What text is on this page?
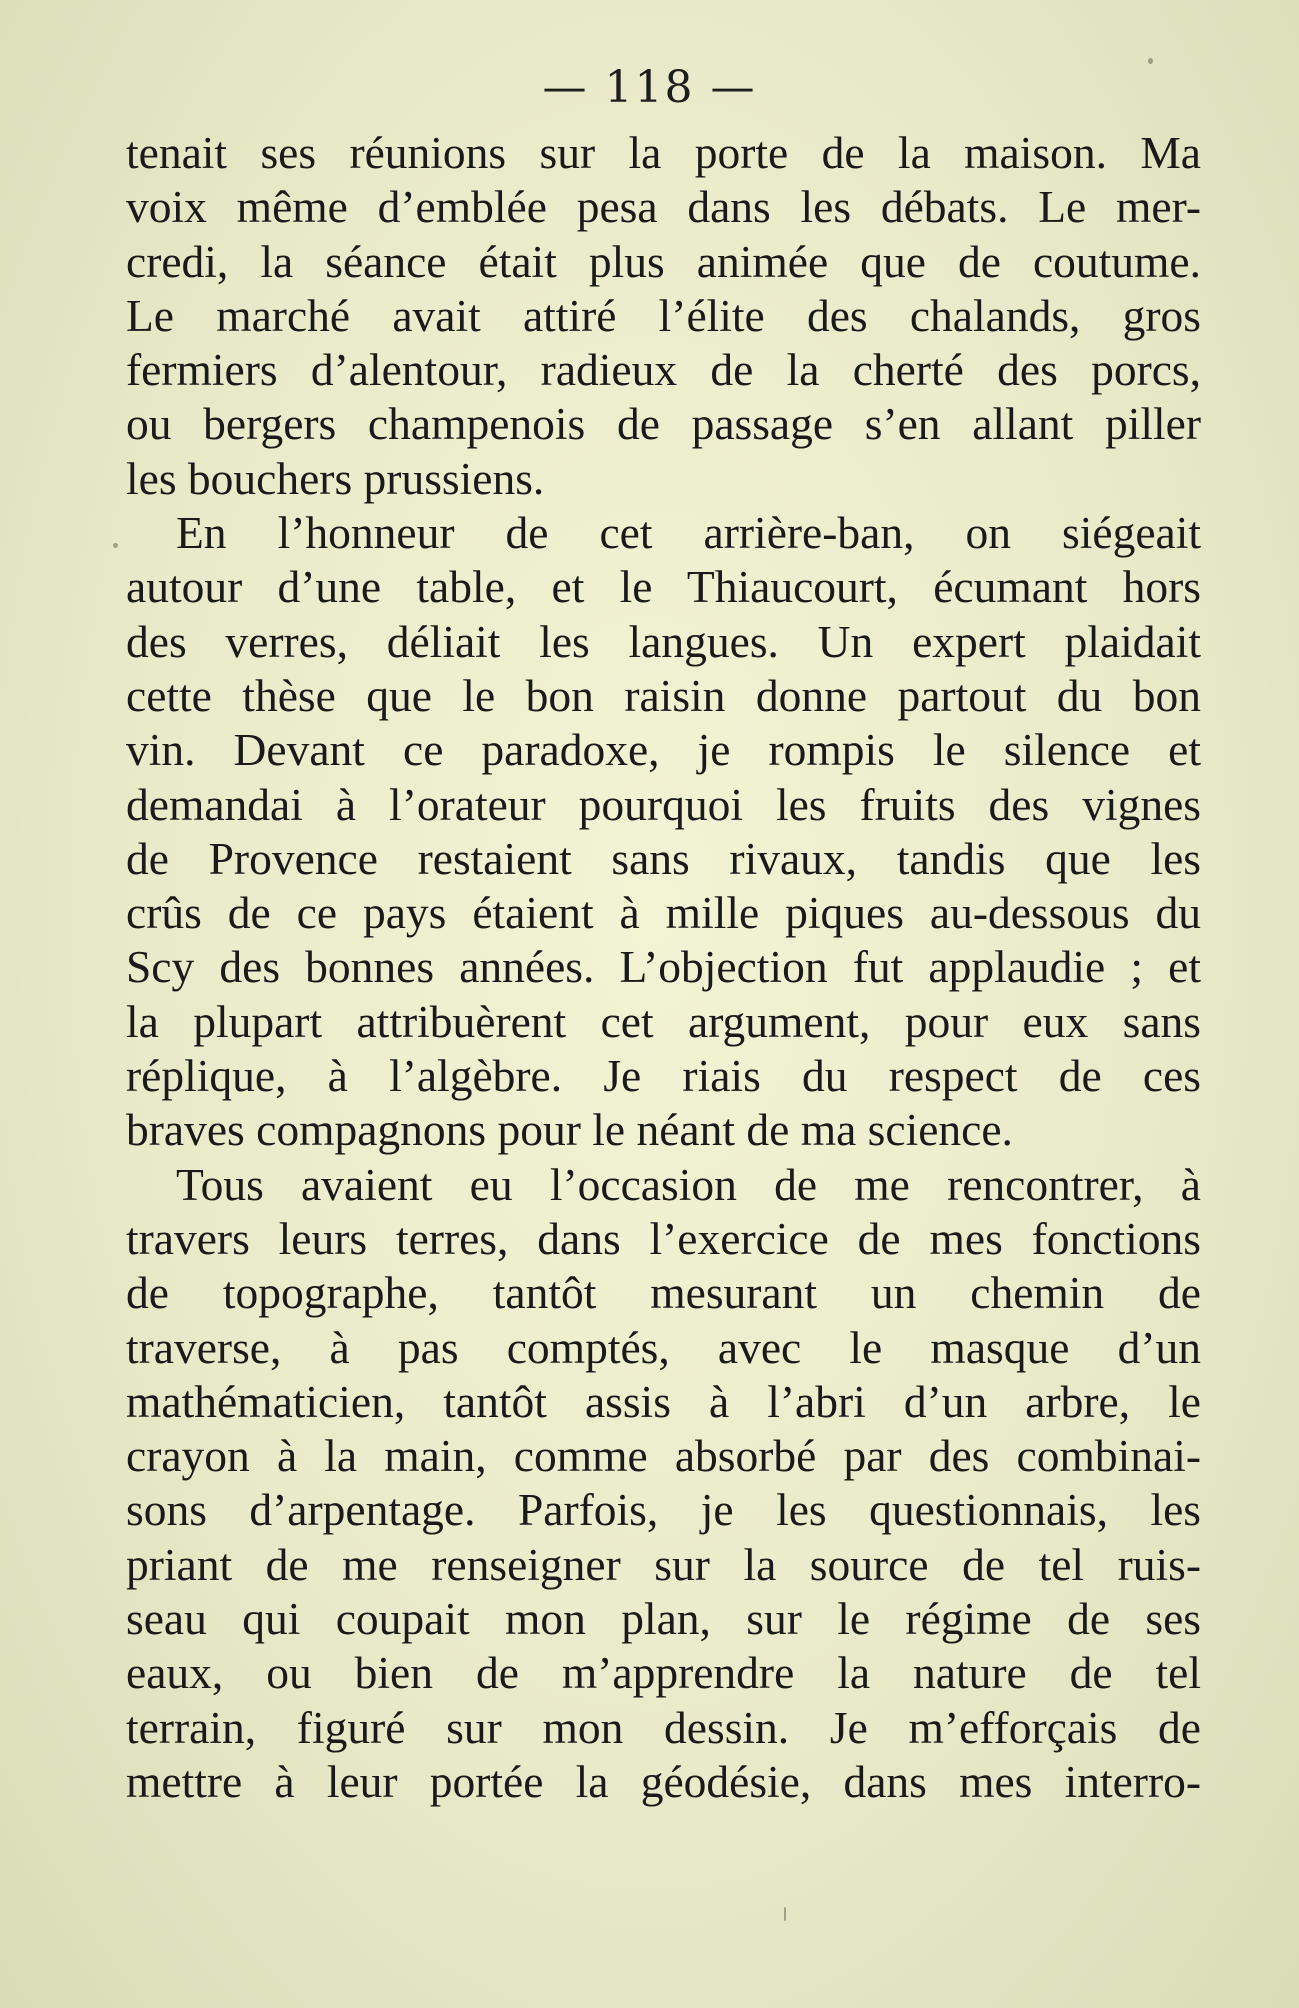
— 118 —
tenait ses réunions sur la porte de la maison. Ma
voix même d’emblée pesa dans les débats. Le mer-
credi, la séance était plus animée que de coutume.
Le marché avait attiré l’élite des chalands, gros
fermiers d’alentour, radieux de la cherté des porcs,
ou bergers champenois de passage s’en allant piller
les bouchers prussiens.
En l’honneur de cet arrière-ban, on siégeait
autour d’une table, et le Thiaucourt, écumant hors
des verres, déliait les langues. Un expert plaidait
cette thèse que le bon raisin donne partout du bon
vin. Devant ce paradoxe, je rompis le silence et
demandai à l’orateur pourquoi les fruits des vignes
de Provence restaient sans rivaux, tandis que les
crûs de ce pays étaient à mille piques au-dessous du
Scy des bonnes années. L’objection fut applaudie ; et
la plupart attribuèrent cet argument, pour eux sans
réplique, à l’algèbre. Je riais du respect de ces
braves compagnons pour le néant de ma science.
Tous avaient eu l’occasion de me rencontrer, à
travers leurs terres, dans l’exercice de mes fonctions
de topographe, tantôt mesurant un chemin de
traverse, à pas comptés, avec le masque d’un
mathématicien, tantôt assis à l’abri d’un arbre, le
crayon à la main, comme absorbé par des combinai-
sons d’arpentage. Parfois, je les questionnais, les
priant de me renseigner sur la source de tel ruis-
seau qui coupait mon plan, sur le régime de ses
eaux, ou bien de m’apprendre la nature de tel
terrain, figuré sur mon dessin. Je m’efforçais de
mettre à leur portée la géodésie, dans mes interro-
